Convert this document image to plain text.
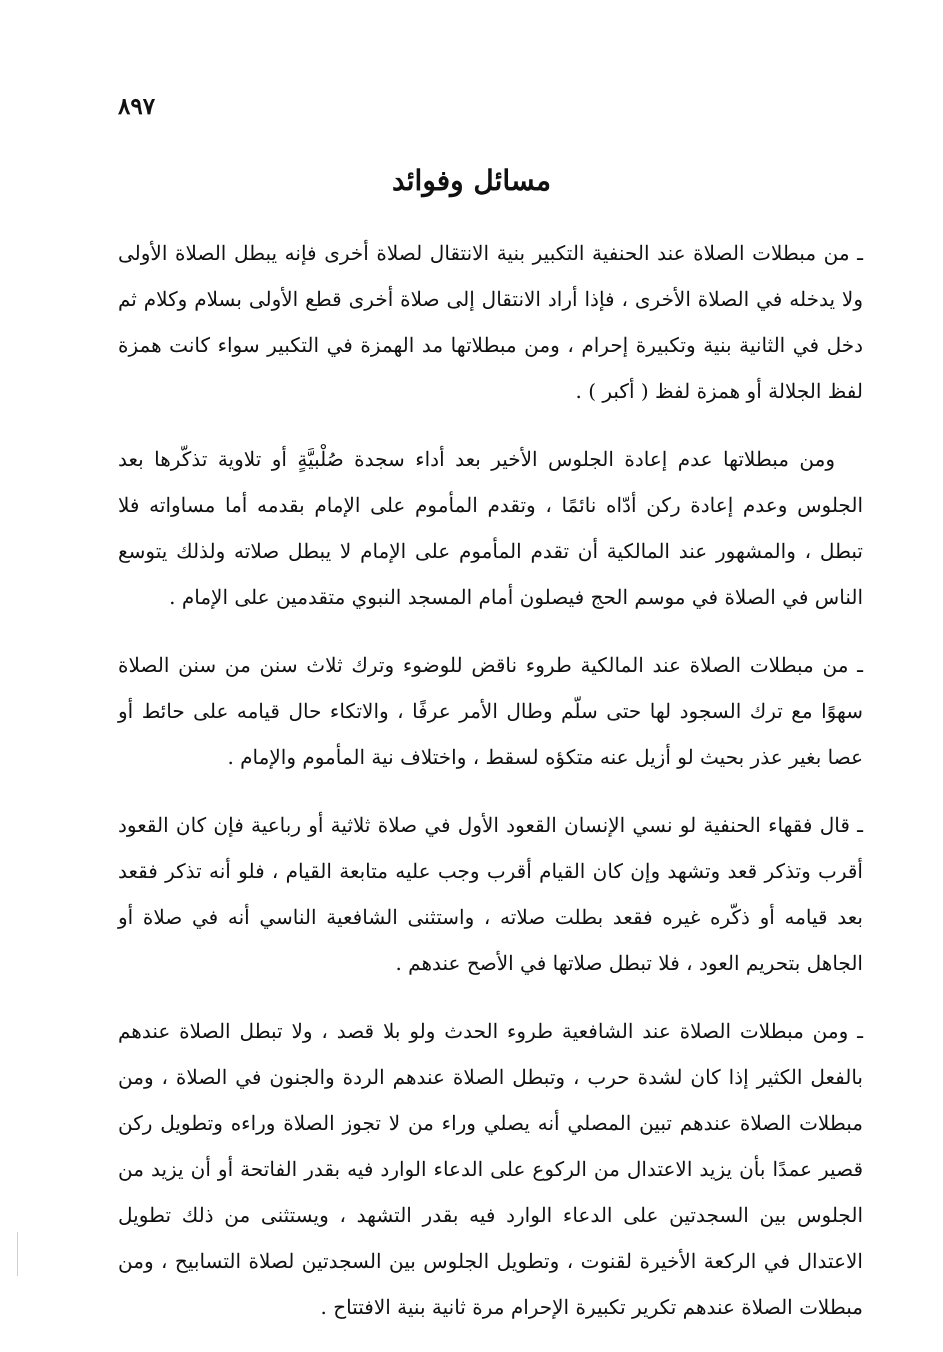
٨٩٧
مسائل وفوائد

ـ من مبطلات الصلاة عند الحنفية التكبير بنية الانتقال لصلاة أخرى فإنه يبطل الصلاة الأولى ولا يدخله في الصلاة الأخرى ، فإذا أراد الانتقال إلى صلاة أخرى قطع الأولى بسلام وكلام ثم دخل في الثانية بنية وتكبيرة إحرام ، ومن مبطلاتها مد الهمزة في التكبير سواء كانت همزة لفظ الجلالة أو همزة لفظ ( أكبر ) .

ومن مبطلاتها عدم إعادة الجلوس الأخير بعد أداء سجدة صُلْبيَّةٍ أو تلاوية تذكّرها بعد الجلوس وعدم إعادة ركن أدّاه نائمًا ، وتقدم المأموم على الإمام بقدمه أما مساواته فلا تبطل ، والمشهور عند المالكية أن تقدم المأموم على الإمام لا يبطل صلاته ولذلك يتوسع الناس في الصلاة في موسم الحج فيصلون أمام المسجد النبوي متقدمين على الإمام .

ـ من مبطلات الصلاة عند المالكية طروء ناقض للوضوء وترك ثلاث سنن من سنن الصلاة سهوًا مع ترك السجود لها حتى سلّم وطال الأمر عرفًا ، والاتكاء حال قيامه على حائط أو عصا بغير عذر بحيث لو أزيل عنه متكؤه لسقط ، واختلاف نية المأموم والإمام .

ـ قال فقهاء الحنفية لو نسي الإنسان القعود الأول في صلاة ثلاثية أو رباعية فإن كان القعود أقرب وتذكر قعد وتشهد وإن كان القيام أقرب وجب عليه متابعة القيام ، فلو أنه تذكر فقعد بعد قيامه أو ذكّره غيره فقعد بطلت صلاته ، واستثنى الشافعية الناسي أنه في صلاة أو الجاهل بتحريم العود ، فلا تبطل صلاتها في الأصح عندهم .

ـ ومن مبطلات الصلاة عند الشافعية طروء الحدث ولو بلا قصد ، ولا تبطل الصلاة عندهم بالفعل الكثير إذا كان لشدة حرب ، وتبطل الصلاة عندهم الردة والجنون في الصلاة ، ومن مبطلات الصلاة عندهم تبين المصلي أنه يصلي وراء من لا تجوز الصلاة وراءه وتطويل ركن قصير عمدًا بأن يزيد الاعتدال من الركوع على الدعاء الوارد فيه بقدر الفاتحة أو أن يزيد من الجلوس بين السجدتين على الدعاء الوارد فيه بقدر التشهد ، ويستثنى من ذلك تطويل الاعتدال في الركعة الأخيرة لقنوت ، وتطويل الجلوس بين السجدتين لصلاة التسابيح ، ومن مبطلات الصلاة عندهم تكرير تكبيرة الإحرام مرة ثانية بنية الافتتاح .
